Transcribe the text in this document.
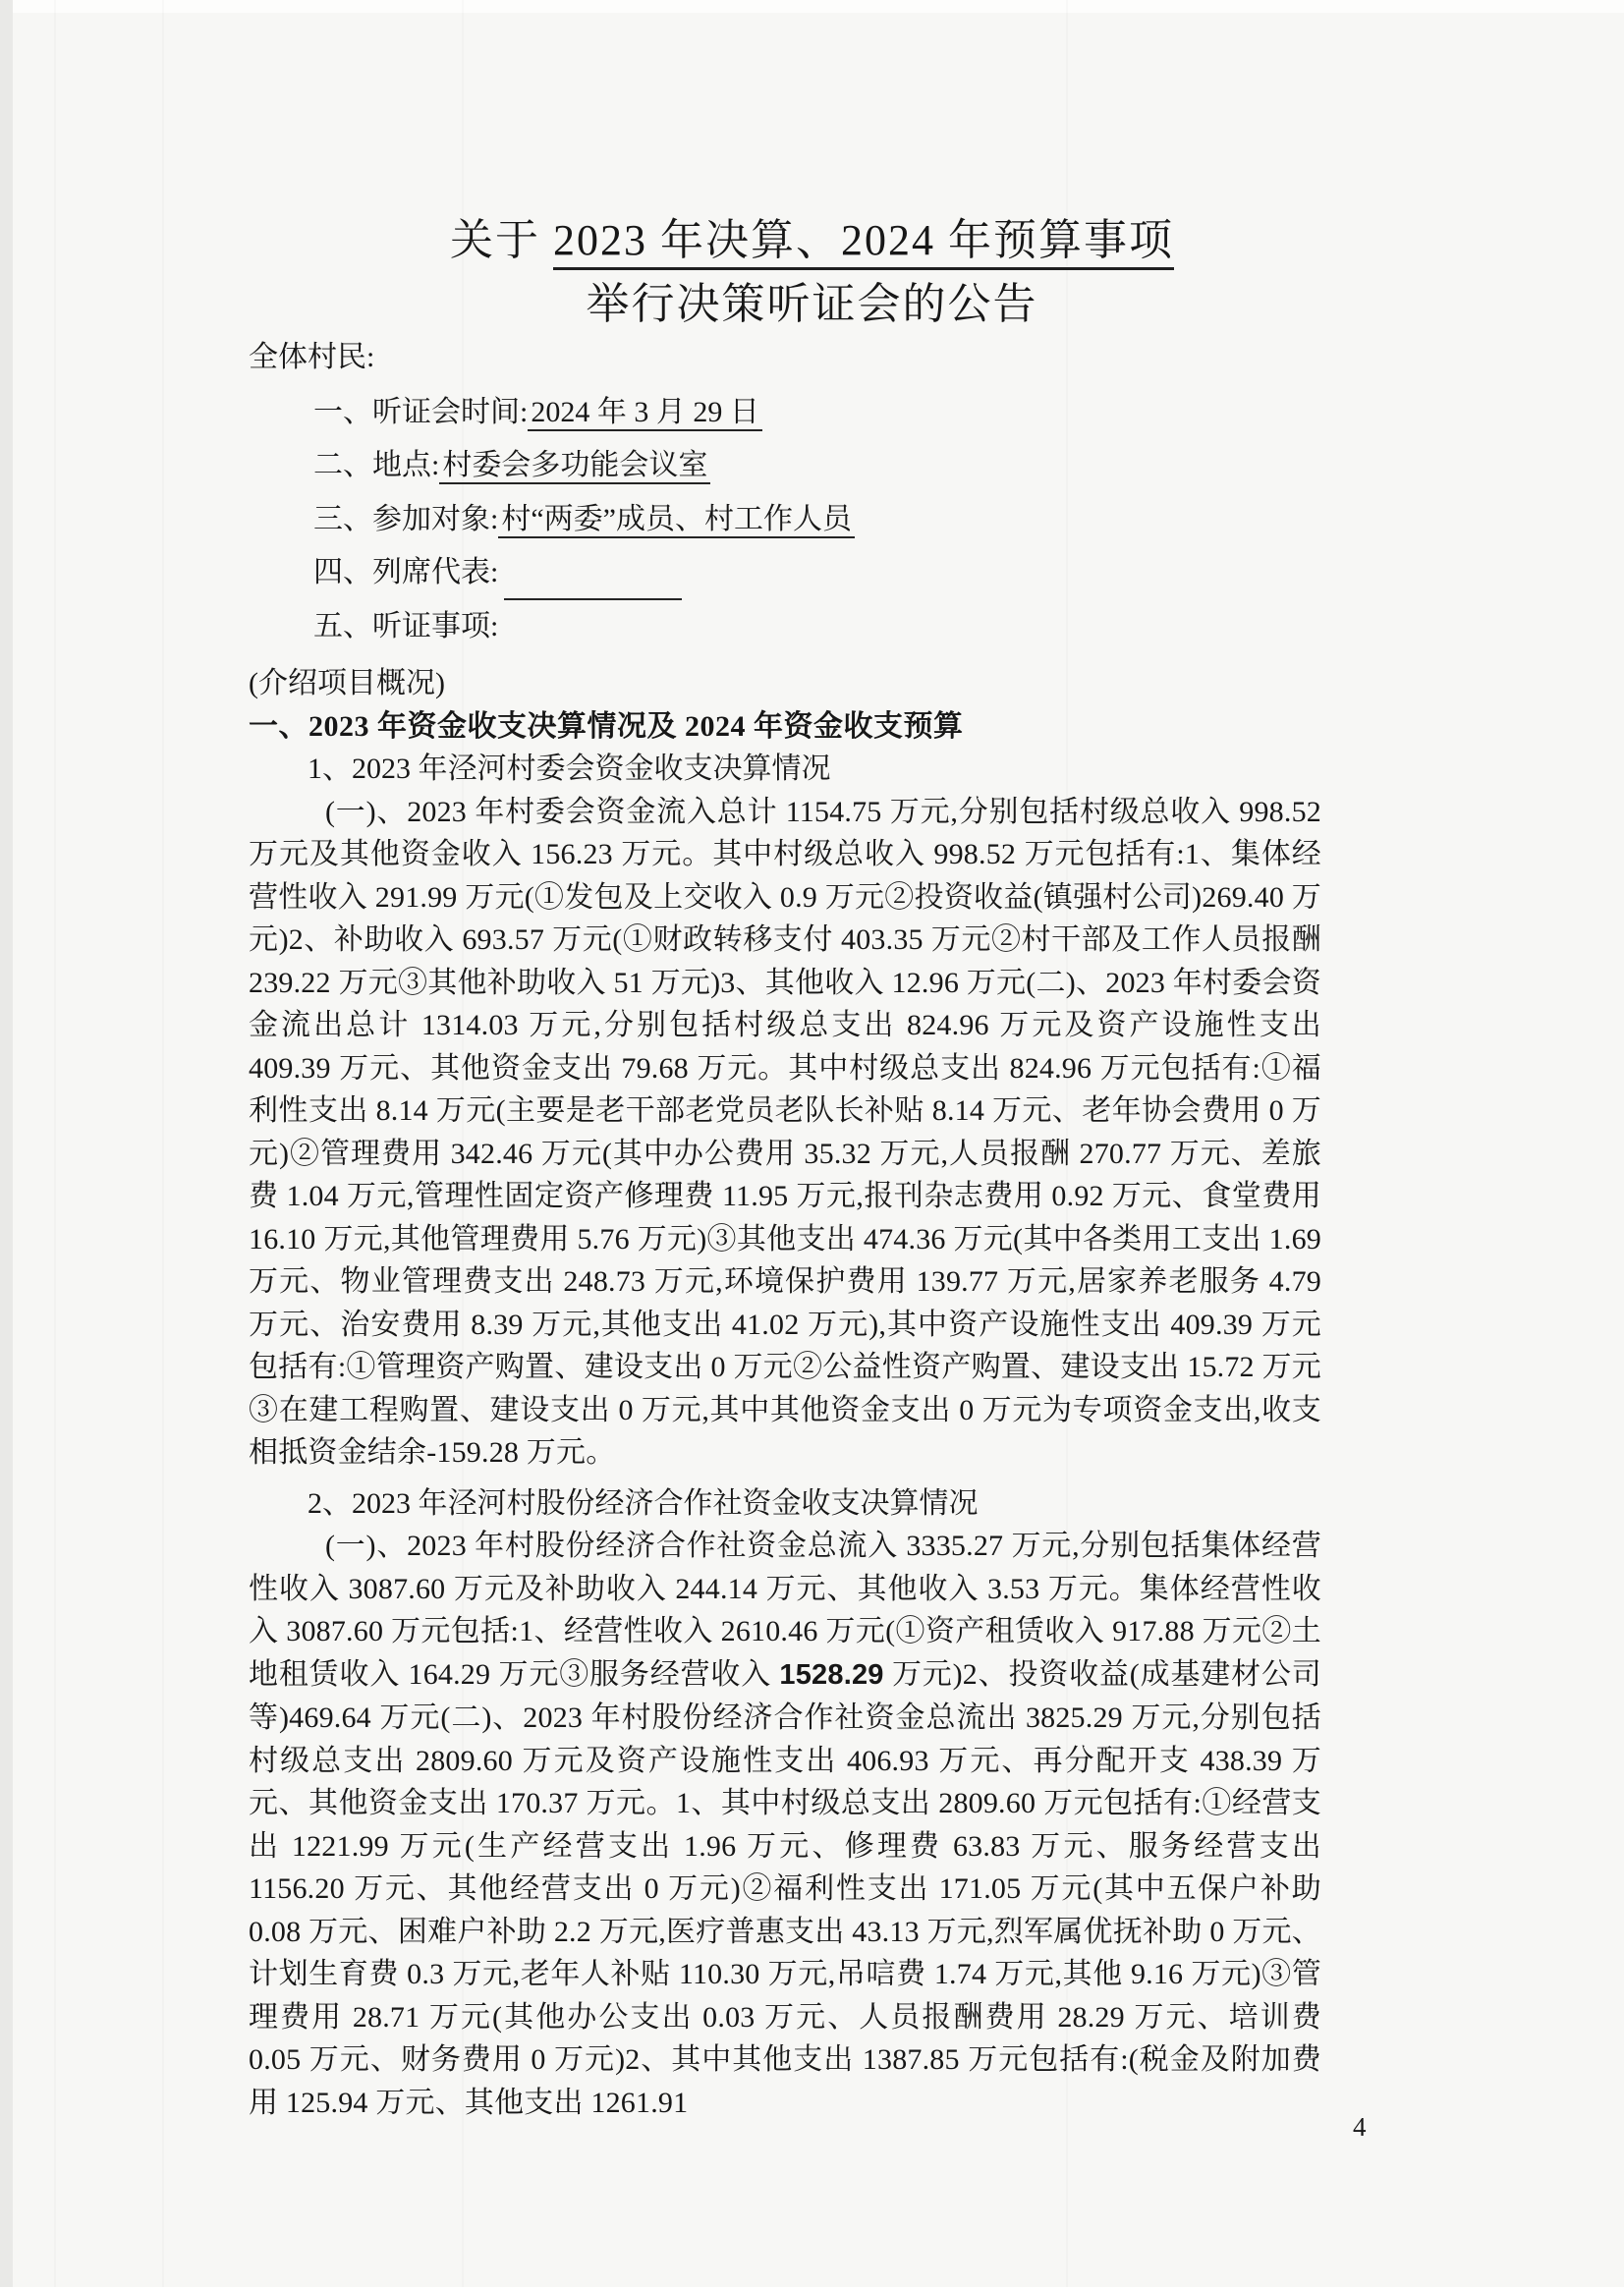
关于 2023 年决算、2024 年预算事项
举行决策听证会的公告
全体村民:
一、听证会时间: 2024 年 3 月 29 日
二、地点: 村委会多功能会议室
三、参加对象: 村“两委”成员、村工作人员
四、列席代表:
五、听证事项:
(介绍项目概况)
一、2023 年资金收支决算情况及 2024 年资金收支预算
1、2023 年泾河村委会资金收支决算情况

(一)、2023 年村委会资金流入总计 1154.75 万元,分别包括村级总收入 998.52 万元及其他资金收入 156.23 万元。其中村级总收入 998.52 万元包括有:1、集体经营性收入 291.99 万元(①发包及上交收入 0.9 万元②投资收益(镇强村公司)269.40 万元)2、补助收入 693.57 万元(①财政转移支付 403.35 万元②村干部及工作人员报酬 239.22 万元③其他补助收入 51 万元)3、其他收入 12.96 万元(二)、2023 年村委会资金流出总计 1314.03 万元,分别包括村级总支出 824.96 万元及资产设施性支出 409.39 万元、其他资金支出 79.68 万元。其中村级总支出 824.96 万元包括有:①福利性支出 8.14 万元(主要是老干部老党员老队长补贴 8.14 万元、老年协会费用 0 万元)②管理费用 342.46 万元(其中办公费用 35.32 万元,人员报酬 270.77 万元、差旅费 1.04 万元,管理性固定资产修理费 11.95 万元,报刊杂志费用 0.92 万元、食堂费用 16.10 万元,其他管理费用 5.76 万元)③其他支出 474.36 万元(其中各类用工支出 1.69 万元、物业管理费支出 248.73 万元,环境保护费用 139.77 万元,居家养老服务 4.79 万元、治安费用 8.39 万元,其他支出 41.02 万元),其中资产设施性支出 409.39 万元包括有:①管理资产购置、建设支出 0 万元②公益性资产购置、建设支出 15.72 万元③在建工程购置、建设支出 0 万元,其中其他资金支出 0 万元为专项资金支出,收支相抵资金结余-159.28 万元。

2、2023 年泾河村股份经济合作社资金收支决算情况

(一)、2023 年村股份经济合作社资金总流入 3335.27 万元,分别包括集体经营性收入 3087.60 万元及补助收入 244.14 万元、其他收入 3.53 万元。集体经营性收入 3087.60 万元包括:1、经营性收入 2610.46 万元(①资产租赁收入 917.88 万元②土地租赁收入 164.29 万元③服务经营收入 1528.29 万元)2、投资收益(成基建材公司等)469.64 万元(二)、2023 年村股份经济合作社资金总流出 3825.29 万元,分别包括村级总支出 2809.60 万元及资产设施性支出 406.93 万元、再分配开支 438.39 万元、其他资金支出 170.37 万元。1、其中村级总支出 2809.60 万元包括有:①经营支出 1221.99 万元(生产经营支出 1.96 万元、修理费 63.83 万元、服务经营支出 1156.20 万元、其他经营支出 0 万元)②福利性支出 171.05 万元(其中五保户补助 0.08 万元、困难户补助 2.2 万元,医疗普惠支出 43.13 万元,烈军属优抚补助 0 万元、计划生育费 0.3 万元,老年人补贴 110.30 万元,吊唁费 1.74 万元,其他 9.16 万元)③管理费用 28.71 万元(其他办公支出 0.03 万元、人员报酬费用 28.29 万元、培训费 0.05 万元、财务费用 0 万元)2、其中其他支出 1387.85 万元包括有:(税金及附加费用 125.94 万元、其他支出 1261.91

4
